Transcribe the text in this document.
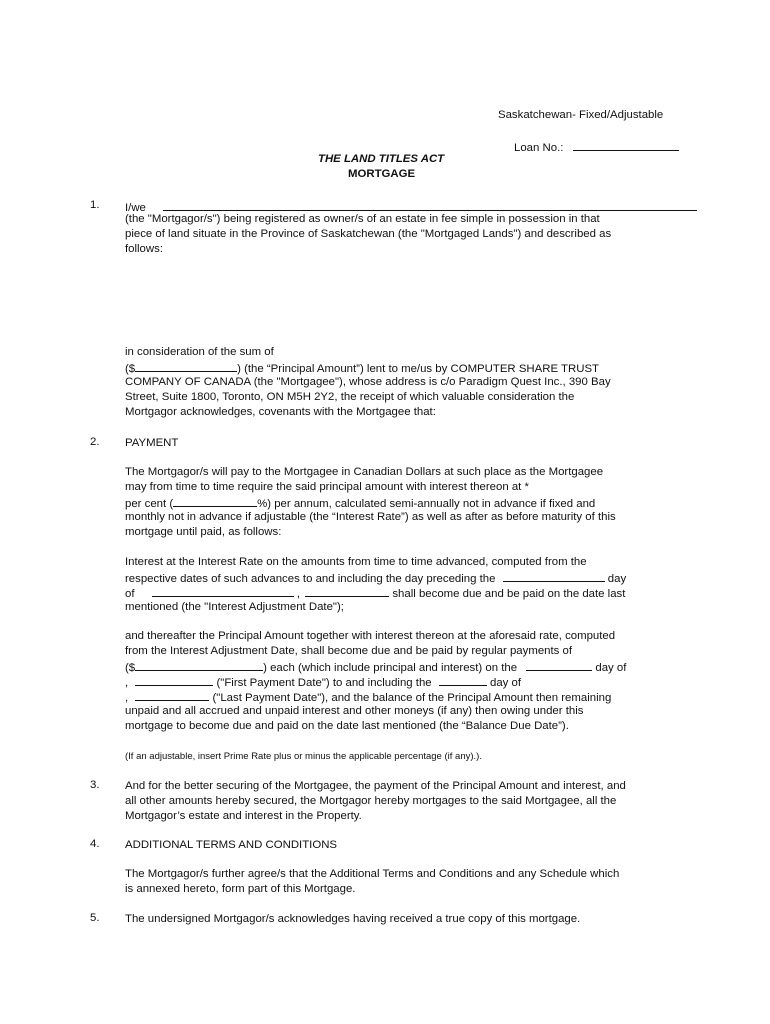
Saskatchewan- Fixed/Adjustable
Loan No.:
THE LAND TITLES ACT
MORTGAGE
1. I/we
(the "Mortgagor/s") being registered as owner/s of an estate in fee simple in possession in that
piece of land situate in the Province of Saskatchewan (the "Mortgaged Lands") and described as
follows:
in consideration of the sum of
($	) (the “Principal Amount”) lent to me/us by COMPUTER SHARE TRUST
COMPANY OF CANADA (the "Mortgagee"), whose address is c/o Paradigm Quest Inc., 390 Bay
Street, Suite 1800, Toronto, ON M5H 2Y2, the receipt of which valuable consideration the
Mortgagor acknowledges, covenants with the Mortgagee that:
2. PAYMENT
The Mortgagor/s will pay to the Mortgagee in Canadian Dollars at such place as the Mortgagee
may from time to time require the said principal amount with interest thereon at *
per cent (	%) per annum, calculated semi-annually not in advance if fixed and
monthly not in advance if adjustable (the “Interest Rate”) as well as after as before maturity of this
mortgage until paid, as follows:
Interest at the Interest Rate on the amounts from time to time advanced, computed from the
respective dates of such advances to and including the day preceding the	day
of	,	shall become due and be paid on the date last
mentioned (the "Interest Adjustment Date");
and thereafter the Principal Amount together with interest thereon at the aforesaid rate, computed
from the Interest Adjustment Date, shall become due and be paid by regular payments of
($	) each (which include principal and interest) on the	day of
,	("First Payment Date") to and including the	day of
,	("Last Payment Date"), and the balance of the Principal Amount then remaining
unpaid and all accrued and unpaid interest and other moneys (if any) then owing under this
mortgage to become due and paid on the date last mentioned (the “Balance Due Date”).
(If an adjustable, insert Prime Rate plus or minus the applicable percentage (if any).).
3. And for the better securing of the Mortgagee, the payment of the Principal Amount and interest, and
all other amounts hereby secured, the Mortgagor hereby mortgages to the said Mortgagee, all the
Mortgagor’s estate and interest in the Property.
4. ADDITIONAL TERMS AND CONDITIONS
The Mortgagor/s further agree/s that the Additional Terms and Conditions and any Schedule which
is annexed hereto, form part of this Mortgage.
5. The undersigned Mortgagor/s acknowledges having received a true copy of this mortgage.
